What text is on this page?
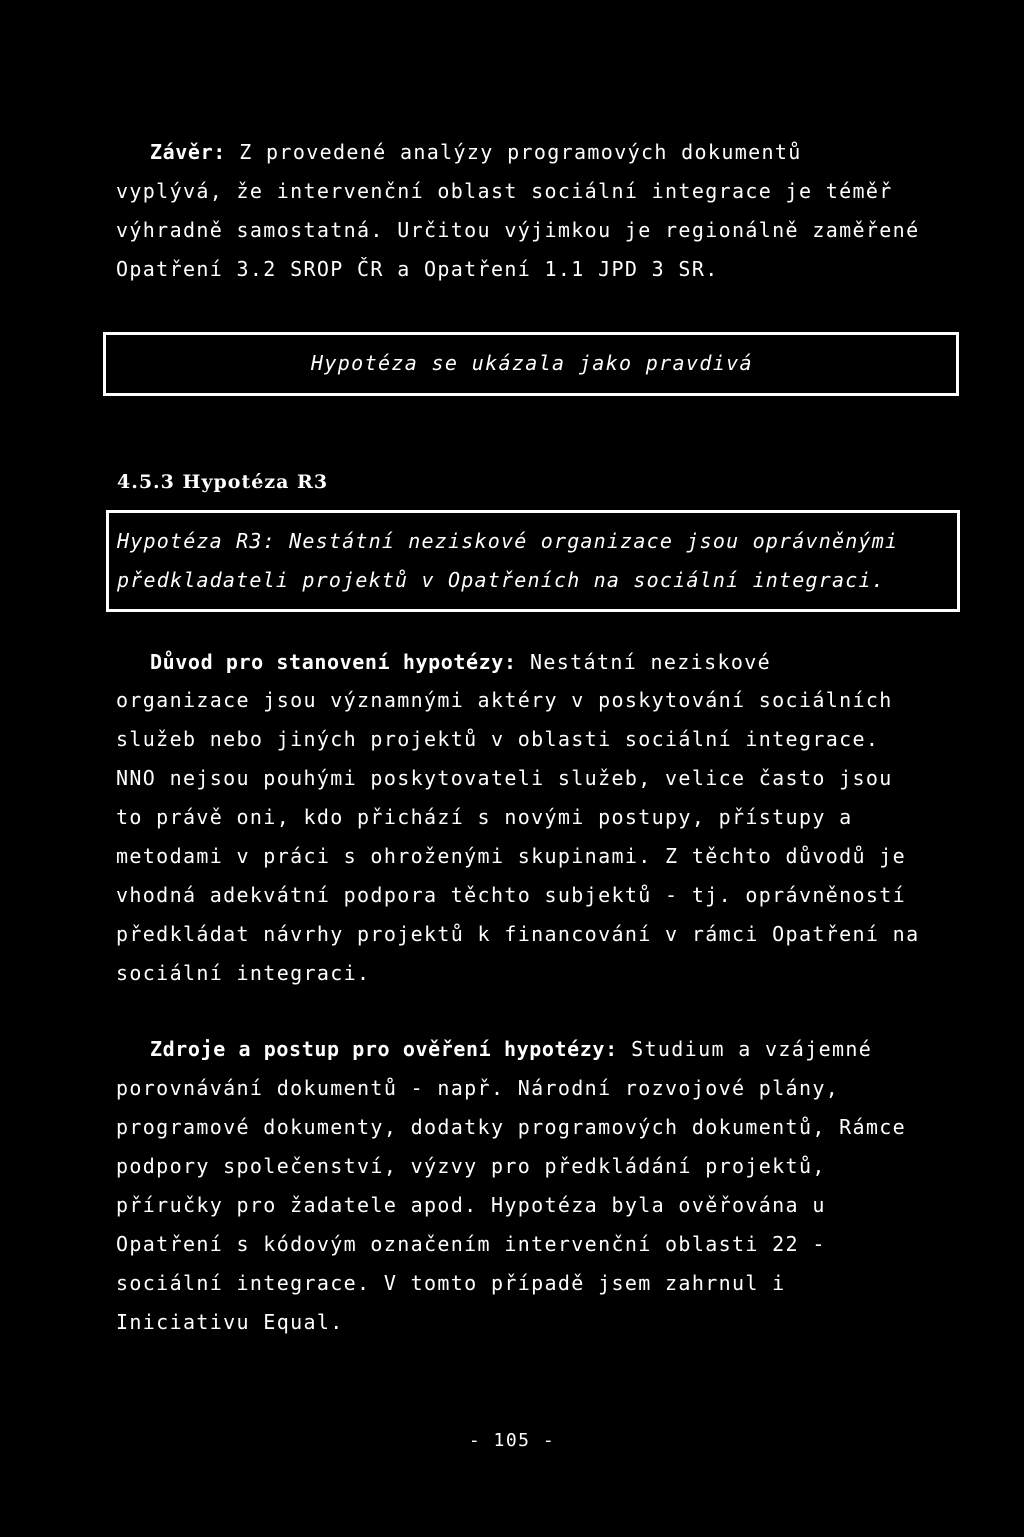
Závěr: Z provedené analýzy programových dokumentů
vyplývá, že intervenční oblast sociální integrace je téměř
výhradně samostatná. Určitou výjimkou je regionálně zaměřené
Opatření 3.2 SROP ČR a Opatření 1.1 JPD 3 SR.
Hypotéza se ukázala jako pravdivá
4.5.3 Hypotéza R3
Hypotéza R3: Nestátní neziskové organizace jsou oprávněnými
předkladateli projektů v Opatřeních na sociální integraci.
Důvod pro stanovení hypotézy: Nestátní neziskové
organizace jsou významnými aktéry v poskytování sociálních
služeb nebo jiných projektů v oblasti sociální integrace.
NNO nejsou pouhými poskytovateli služeb, velice často jsou
to právě oni, kdo přichází s novými postupy, přístupy a
metodami v práci s ohroženými skupinami. Z těchto důvodů je
vhodná adekvátní podpora těchto subjektů - tj. oprávněností
předkládat návrhy projektů k financování v rámci Opatření na
sociální integraci.
Zdroje a postup pro ověření hypotézy: Studium a vzájemné
porovnávání dokumentů - např. Národní rozvojové plány,
programové dokumenty, dodatky programových dokumentů, Rámce
podpory společenství, výzvy pro předkládání projektů,
příručky pro žadatele apod. Hypotéza byla ověřována u
Opatření s kódovým označením intervenční oblasti 22 -
sociální integrace. V tomto případě jsem zahrnul i
Iniciativu Equal.
- 105 -
